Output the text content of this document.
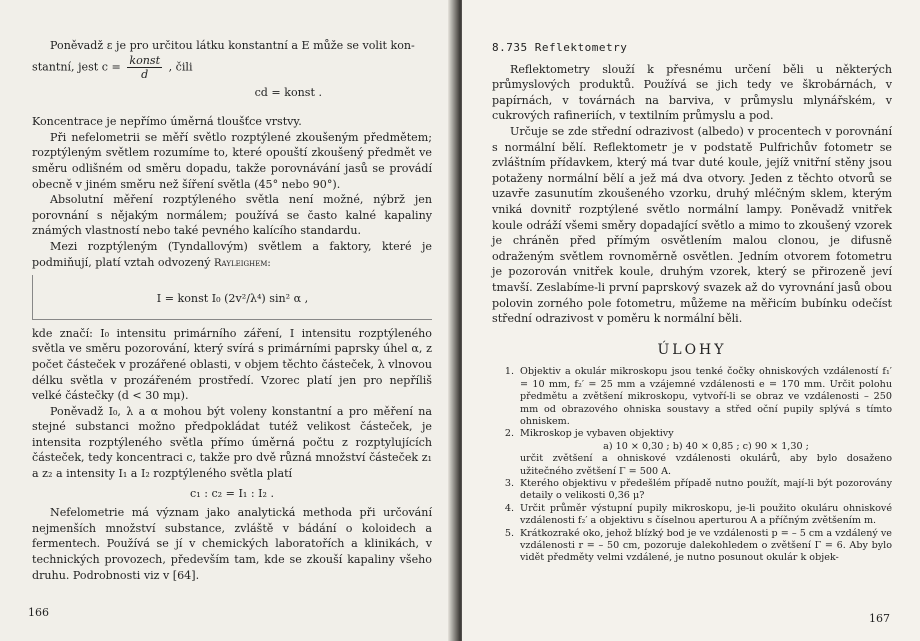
Poněvadž ε je pro určitou látku konstantní a E může se volit kon-

stantní, jest $c = \frac{\text{konst}}{d}$ , čili

cd = konst .

Koncentrace je nepřímo úměrná tloušťce vrstvy.

Při nefelometrii se měří světlo rozptýlené zkoušeným předmětem; rozptýleným světlem rozumíme to, které opouští zkoušený předmět ve směru odlišném od směru dopadu, takže porovnávání jasů se provádí obecně v jiném směru než šíření světla (45° nebo 90°).

Absolutní měření rozptýleného světla není možné, nýbrž jen porovnání s nějakým normálem; používá se často kalné kapaliny známých vlastností nebo také pevného kalícího standardu.

Mezi rozptýleným (Tyndallovým) světlem a faktory, které je podmiňují, platí vztah odvozený Rayleighem:

I = konst I₀ (2v²/λ⁴) sin² α ,

kde značí: I₀ intensitu primárního záření, I intensitu rozptýleného světla ve směru pozorování, který svírá s primárními paprsky úhel α, z počet částeček v prozářené oblasti, v objem těchto částeček, λ vlnovou délku světla v prozářeném prostředí. Vzorec platí jen pro nepříliš velké částečky (d < 30 mμ).

Poněvadž I₀, λ a α mohou být voleny konstantní a pro měření na stejné substanci možno předpokládat tutéž velikost částeček, je intensita rozptýleného světla přímo úměrná počtu z rozptylujících částeček, tedy koncentraci c, takže pro dvě různá množství částeček z₁ a z₂ a intensity I₁ a I₂ rozptýleného světla platí

c₁ : c₂ = I₁ : I₂ .

Nefelometrie má význam jako analytická methoda při určování nejmenších množství substance, zvláště v bádání o koloidech a fermentech. Používá se jí v chemických laboratořích a klinikách, v technických provozech, především tam, kde se zkouší kapaliny všeho druhu. Podrobnosti viz v [64].

166
8.735 Reflektometry

Reflektometry slouží k přesnému určení běli u některých průmyslových produktů. Používá se jich tedy ve škrobárnách, v papírnách, v továrnách na barviva, v průmyslu mlynářském, v cukrových rafineriích, v textilním průmyslu a pod.

Určuje se zde střední odrazivost (albedo) v procentech v porovnání s normální bělí. Reflektometr je v podstatě Pulfrichův fotometr se zvláštním přídavkem, který má tvar duté koule, jejíž vnitřní stěny jsou potaženy normální bělí a jež má dva otvory. Jeden z těchto otvorů se uzavře zasunutím zkoušeného vzorku, druhý mléčným sklem, kterým vniká dovnitř rozptýlené světlo normální lampy. Poněvadž vnitřek koule odráží všemi směry dopadající světlo a mimo to zkoušený vzorek je chráněn před přímým osvětlením malou clonou, je difusně odraženým světlem rovnoměrně osvětlen. Jedním otvorem fotometru je pozorován vnitřek koule, druhým vzorek, který se přirozeně jeví tmavší. Zeslabíme-li první paprskový svazek až do vyrovnání jasů obou polovin zorného pole fotometru, můžeme na měřicím bubínku odečíst střední odrazivost v poměru k normální běli.

ÚLOHY
1. Objektiv a okulár mikroskopu jsou tenké čočky ohniskových vzdáleností f₁′ = 10 mm, f₂′ = 25 mm a vzájemné vzdálenosti e = 170 mm. Určit polohu předmětu a zvětšení mikroskopu, vytvoří-li se obraz ve vzdálenosti – 250 mm od obrazového ohniska soustavy a střed oční pupily splývá s tímto ohniskem.
2. Mikroskop je vybaven objektivy
a) 10 × 0,30 ; b) 40 × 0,85 ; c) 90 × 1,30 ;
určit zvětšení a ohniskové vzdálenosti okulárů, aby bylo dosaženo užitečného zvětšení Γ = 500 A.
3. Kterého objektivu v předešlém případě nutno použít, mají-li být pozorovány detaily o velikosti 0,36 μ?
4. Určit průměr výstupní pupily mikroskopu, je-li použito okuláru ohniskové vzdálenosti f₂′ a objektivu s číselnou aperturou A a příčným zvětšením m.
5. Krátkozraké oko, jehož blízký bod je ve vzdálenosti p = – 5 cm a vzdálený ve vzdálenosti r = – 50 cm, pozoruje dalekohledem o zvětšení Γ = 6. Aby bylo vidět předměty velmi vzdálené, je nutno posunout okulár k objek-
167
